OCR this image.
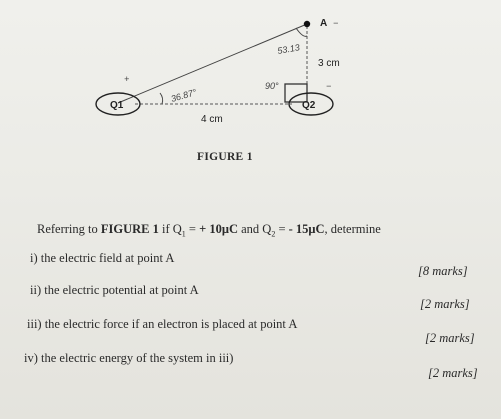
A −
53.13
3 cm
90°	−
+
36.87°
Q1	Q2
4 cm
FIGURE 1
Referring to FIGURE 1 if $Q_1$ = + 10μC and $Q_2$ = - 15μC, determine
i) the electric field at point A
[8 marks]
ii) the electric potential at point A
[2 marks]
iii) the electric force if an electron is placed at point A
[2 marks]
iv) the electric energy of the system in iii)
[2 marks]
